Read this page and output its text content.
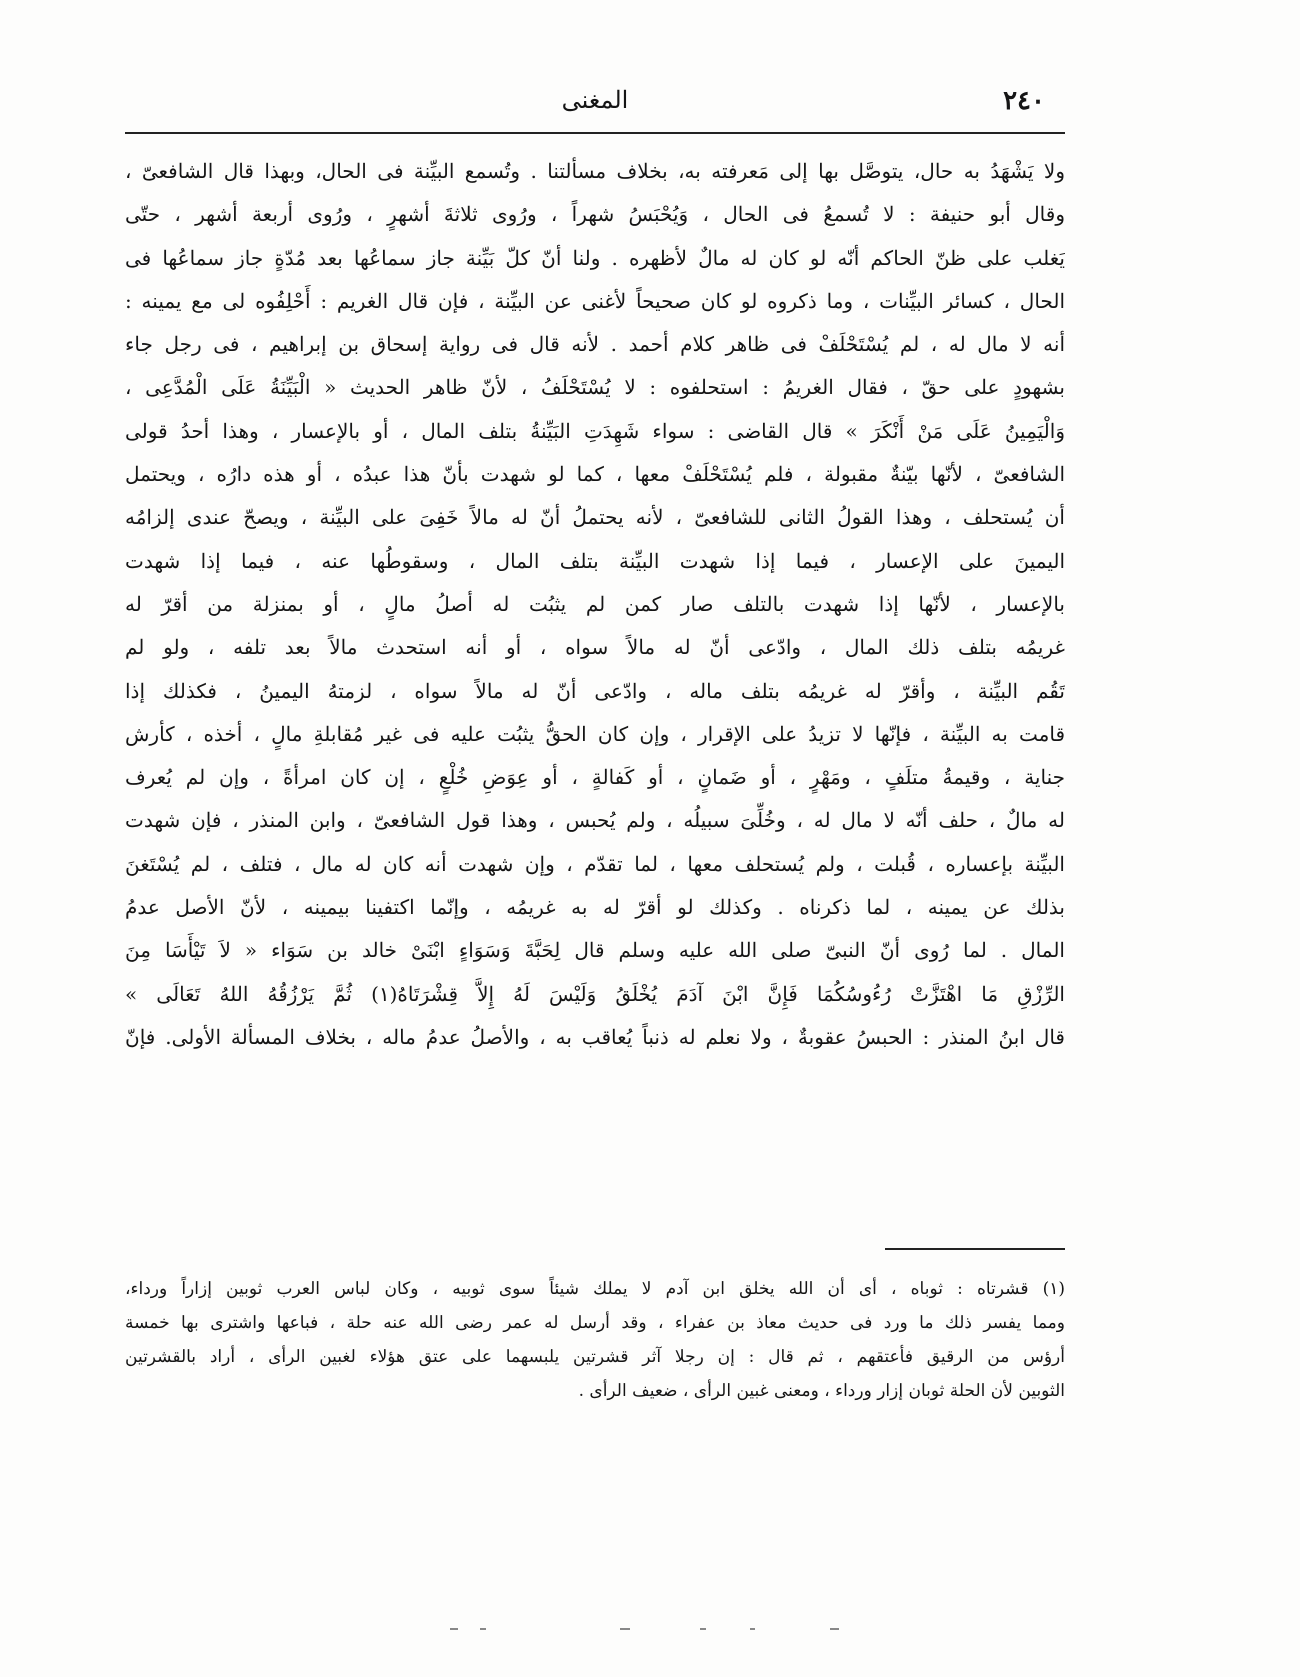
٢٤٠
المغنى
ولا يَشْهَدُ به حال، يتوصَّل بها إلى مَعرفته به، بخلاف مسألتنا . وتُسمع البيِّنة فى الحال، وبهذا قال الشافعىّ ،
وقال أبو حنيفة : لا تُسمعُ فى الحال ، وَيُحْبَسُ شهراً ، ورُوى ثلاثةَ أشهرٍ ، ورُوى أربعة أشهر ، حتّى
يَغلب على ظنّ الحاكم أنّه لو كان له مالٌ لأظهره . ولنا أنّ كلّ بَيِّنة جاز سماعُها بعد مُدّةٍ جاز سماعُها فى
الحال ، كسائر البيِّنات ، وما ذكروه لو كان صحيحاً لأغنى عن البيِّنة ، فإن قال الغريم : أَحْلِفُوه لى مع يمينه :
أنه لا مال له ، لم يُسْتَحْلَفْ فى ظاهر كلام أحمد . لأنه قال فى رواية إسحاق بن إبراهيم ، فى رجل جاء
بشهودٍ على حقّ ، فقال الغريمُ : استحلفوه : لا يُسْتَحْلَفُ ، لأنّ ظاهر الحديث « الْبَيِّنَةُ عَلَى الْمُدَّعِى ،
وَالْيَمِينُ عَلَى مَنْ أَنْكَرَ » قال القاضى : سواء شَهِدَتِ البَيِّنةُ بتلف المال ، أو بالإعسار ، وهذا أحدُ قولى
الشافعىّ ، لأنّها بيّنةٌ مقبولة ، فلم يُسْتَحْلَفْ معها ، كما لو شهدت بأنّ هذا عبدُه ، أو هذه دارُه ، ويحتمل
أن يُستحلف ، وهذا القولُ الثانى للشافعىّ ، لأنه يحتملُ أنّ له مالاً خَفِىَ على البيِّنة ، ويصحّ عندى إلزامُه
اليمينَ على الإعسار ، فيما إذا شهدت البيِّنة بتلف المال ، وسقوطُها عنه ، فيما إذا شهدت
بالإعسار ، لأنّها إذا شهدت بالتلف صار كمن لم يثبُت له أصلُ مالٍ ، أو بمنزلة من أقرّ له
غريمُه بتلف ذلك المال ، وادّعى أنّ له مالاً سواه ، أو أنه استحدث مالاً بعد تلفه ، ولو لم
تَقُم البيِّنة ، وأقرّ له غريمُه بتلف ماله ، وادّعى أنّ له مالاً سواه ، لزمتهُ اليمينُ ، فكذلك إذا
قامت به البيِّنة ، فإنّها لا تزيدُ على الإقرار ، وإن كان الحقُّ يثبُت عليه فى غير مُقابلةِ مالٍ ، أخذه ، كأرش
جناية ، وقيمةُ متلَفٍ ، ومَهْرٍ ، أو ضَمانٍ ، أو كَفالةٍ ، أو عِوَضِ خُلْعٍ ، إن كان امرأةً ، وإن لم يُعرف
له مالٌ ، حلف أنّه لا مال له ، وخُلِّىَ سبيلُه ، ولم يُحبس ، وهذا قول الشافعىّ ، وابن المنذر ، فإن شهدت
البيِّنة بإعساره ، قُبلت ، ولم يُستحلف معها ، لما تقدّم ، وإن شهدت أنه كان له مال ، فتلف ، لم يُسْتَغنَ
بذلك عن يمينه ، لما ذكرناه . وكذلك لو أقرّ له به غريمُه ، وإنّما اكتفينا بيمينه ، لأنّ الأصل عدمُ
المال . لما رُوى أنّ النبىّ صلى الله عليه وسلم قال لِحَبَّةَ وَسَوَاءٍ ابْنَىْ خالد بن سَوَاء « لاَ تَيْأَسَا مِنَ
الرِّزْقِ مَا اهْتَزَّتْ رُءُوسُكُمَا فَإِنَّ ابْنَ آدَمَ يُخْلَقُ وَلَيْسَ لَهُ إِلاَّ قِشْرَتَاهُ(١) ثُمَّ يَرْزُقُهُ اللهُ تَعَالَى »
قال ابنُ المنذر : الحبسُ عقوبةٌ ، ولا نعلم له ذنباً يُعاقب به ، والأصلُ عدمُ ماله ، بخلاف المسألة الأولى. فإنّ
(١) قشرتاه : ثوباه ، أى أن الله يخلق ابن آدم لا يملك شيئاً سوى ثوبيه ، وكان لباس العرب ثوبين إزاراً ورداء،
ومما يفسر ذلك ما ورد فى حديث معاذ بن عفراء ، وقد أرسل له عمر رضى الله عنه حلة ، فباعها واشترى بها خمسة
أرؤس من الرقيق فأعتقهم ، ثم قال : إن رجلا آثر قشرتين يلبسهما على عتق هؤلاء لغبين الرأى ، أراد بالقشرتين
الثوبين لأن الحلة ثوبان إزار ورداء ، ومعنى غبين الرأى ، ضعيف الرأى .
